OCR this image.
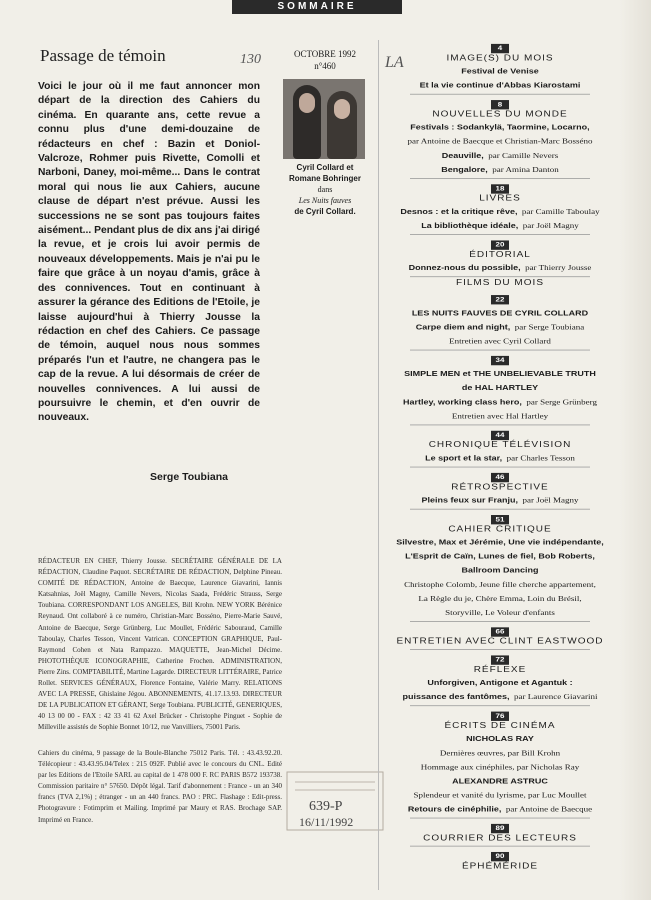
SOMMAIRE
Passage de témoin	130

Voici le jour où il me faut annoncer mon départ de la direction des Cahiers du cinéma. En quarante ans, cette revue a connu plus d'une demi-douzaine de rédacteurs en chef : Bazin et Doniol-Valcroze, Rohmer puis Rivette, Comolli et Narboni, Daney, moi-même... Dans le contrat moral qui nous lie aux Cahiers, aucune clause de départ n'est prévue. Aussi les successions ne se sont pas toujours faites aisément... Pendant plus de dix ans j'ai dirigé la revue, et je crois lui avoir permis de nouveaux développements. Mais je n'ai pu le faire que grâce à un noyau d'amis, grâce à des connivences. Tout en continuant à assurer la gérance des Editions de l'Etoile, je laisse aujourd'hui à Thierry Jousse la rédaction en chef des Cahiers. Ce passage de témoin, auquel nous nous sommes préparés l'un et l'autre, ne changera pas le cap de la revue. A lui désormais de créer de nouvelles connivences. A lui aussi de poursuivre le chemin, et d'en ouvrir de nouveaux.

Serge Toubiana
OCTOBRE 1992
n°460	LA
Cyril Collard et
Romane Bohringer
dans
Les Nuits fauves
de Cyril Collard.
RÉDACTEUR EN CHEF, Thierry Jousse. SECRÉTAIRE GÉNÉRALE DE LA RÉDACTION, Claudine Paquot. SECRÉTAIRE DE RÉDACTION, Delphine Pineau. COMITÉ DE RÉDACTION, Antoine de Baecque, Laurence Giavarini, Iannis Katsahnias, Joël Magny, Camille Nevers, Nicolas Saada, Frédéric Strauss, Serge Toubiana. CORRESPONDANT LOS ANGELES, Bill Krohn. NEW YORK Bérénice Reynaud. Ont collaboré à ce numéro, Christian-Marc Bosséno, Pierre-Marie Sauvé, Antoine de Baecque, Serge Grünberg, Luc Moullet, Frédéric Sabouraud, Camille Taboulay, Charles Tesson, Vincent Vatrican. CONCEPTION GRAPHIQUE, Paul-Raymond Cohen et Nata Rampazzo. MAQUETTE, Jean-Michel Décime. PHOTOTHÈQUE ICONOGRAPHIE, Catherine Frochen. ADMINISTRATION, Pierre Zins. COMPTABILITÉ, Martine Lagarde. DIRECTEUR LITTÉRAIRE, Patrice Rollet. SERVICES GÉNÉRAUX, Florence Fontaine, Valérie Marry. RELATIONS AVEC LA PRESSE, Ghislaine Jégou. ABONNEMENTS, 41.17.13.93. DIRECTEUR DE LA PUBLICATION ET GÉRANT, Serge Toubiana. PUBLICITÉ, GENERIQUES, 40 13 00 00 - FAX : 42 33 41 62 Axel Brücker - Christophe Pinguet - Sophie de Milleville assistés de Sophie Bonnet 10/12, rue Vanvilliers, 75001 Paris.
Cahiers du cinéma, 9 passage de la Boule-Blanche 75012 Paris. Tél. : 43.43.92.20. Télécopieur : 43.43.95.04/Telex : 215 092F. Publié avec le concours du CNL. Edité par les Editions de l'Etoile SARL au capital de 1 478 000 F. RC PARIS B572 193738. Commission paritaire n° 57650. Dépôt légal. Tarif d'abonnement : France - un an 340 francs (TVA 2,1%) ; étranger - un an 440 francs. PAO : PRC. Flashage : Edit-press. Photogravure : Fotimprim et Mailing. Imprimé par Maury et RAS. Brochage SAP. Imprimé en France.
639-P
16/11/1992
4
IMAGE(S) DU MOIS
Festival de Venise
Et la vie continue d'Abbas Kiarostami
8
NOUVELLES DU MONDE
Festivals : Sodankylä, Taormine, Locarno,
par Antoine de Baecque et Christian-Marc Bosséno
Deauville, par Camille Nevers
Bengalore, par Amina Danton
18
LIVRES
Desnos : et la critique rêve, par Camille Taboulay
La bibliothèque idéale, par Joël Magny
20
ÉDITORIAL
Donnez-nous du possible, par Thierry Jousse
FILMS DU MOIS
22
LES NUITS FAUVES DE CYRIL COLLARD
Carpe diem and night, par Serge Toubiana
Entretien avec Cyril Collard
34
SIMPLE MEN et THE UNBELIEVABLE TRUTH
de HAL HARTLEY
Hartley, working class hero, par Serge Grünberg
Entretien avec Hal Hartley
44
CHRONIQUE TÉLÉVISION
Le sport et la star, par Charles Tesson
46
RÉTROSPECTIVE
Pleins feux sur Franju, par Joël Magny
51
CAHIER CRITIQUE
Silvestre, Max et Jérémie, Une vie indépendante,
L'Esprit de Caïn, Lunes de fiel, Bob Roberts,
Ballroom Dancing
Christophe Colomb, Jeune fille cherche appartement,
La Règle du je, Chère Emma, Loin du Brésil,
Storyville, Le Voleur d'enfants
66
ENTRETIEN AVEC CLINT EASTWOOD
72
RÉFLEXE
Unforgiven, Antigone et Agantuk :
puissance des fantômes, par Laurence Giavarini
76
ÉCRITS DE CINÉMA
NICHOLAS RAY
Dernières œuvres, par Bill Krohn
Hommage aux cinéphiles, par Nicholas Ray
ALEXANDRE ASTRUC
Splendeur et vanité du lyrisme, par Luc Moullet
Retours de cinéphilie, par Antoine de Baecque
89
COURRIER DES LECTEURS
90
ÉPHÉMÉRIDE
